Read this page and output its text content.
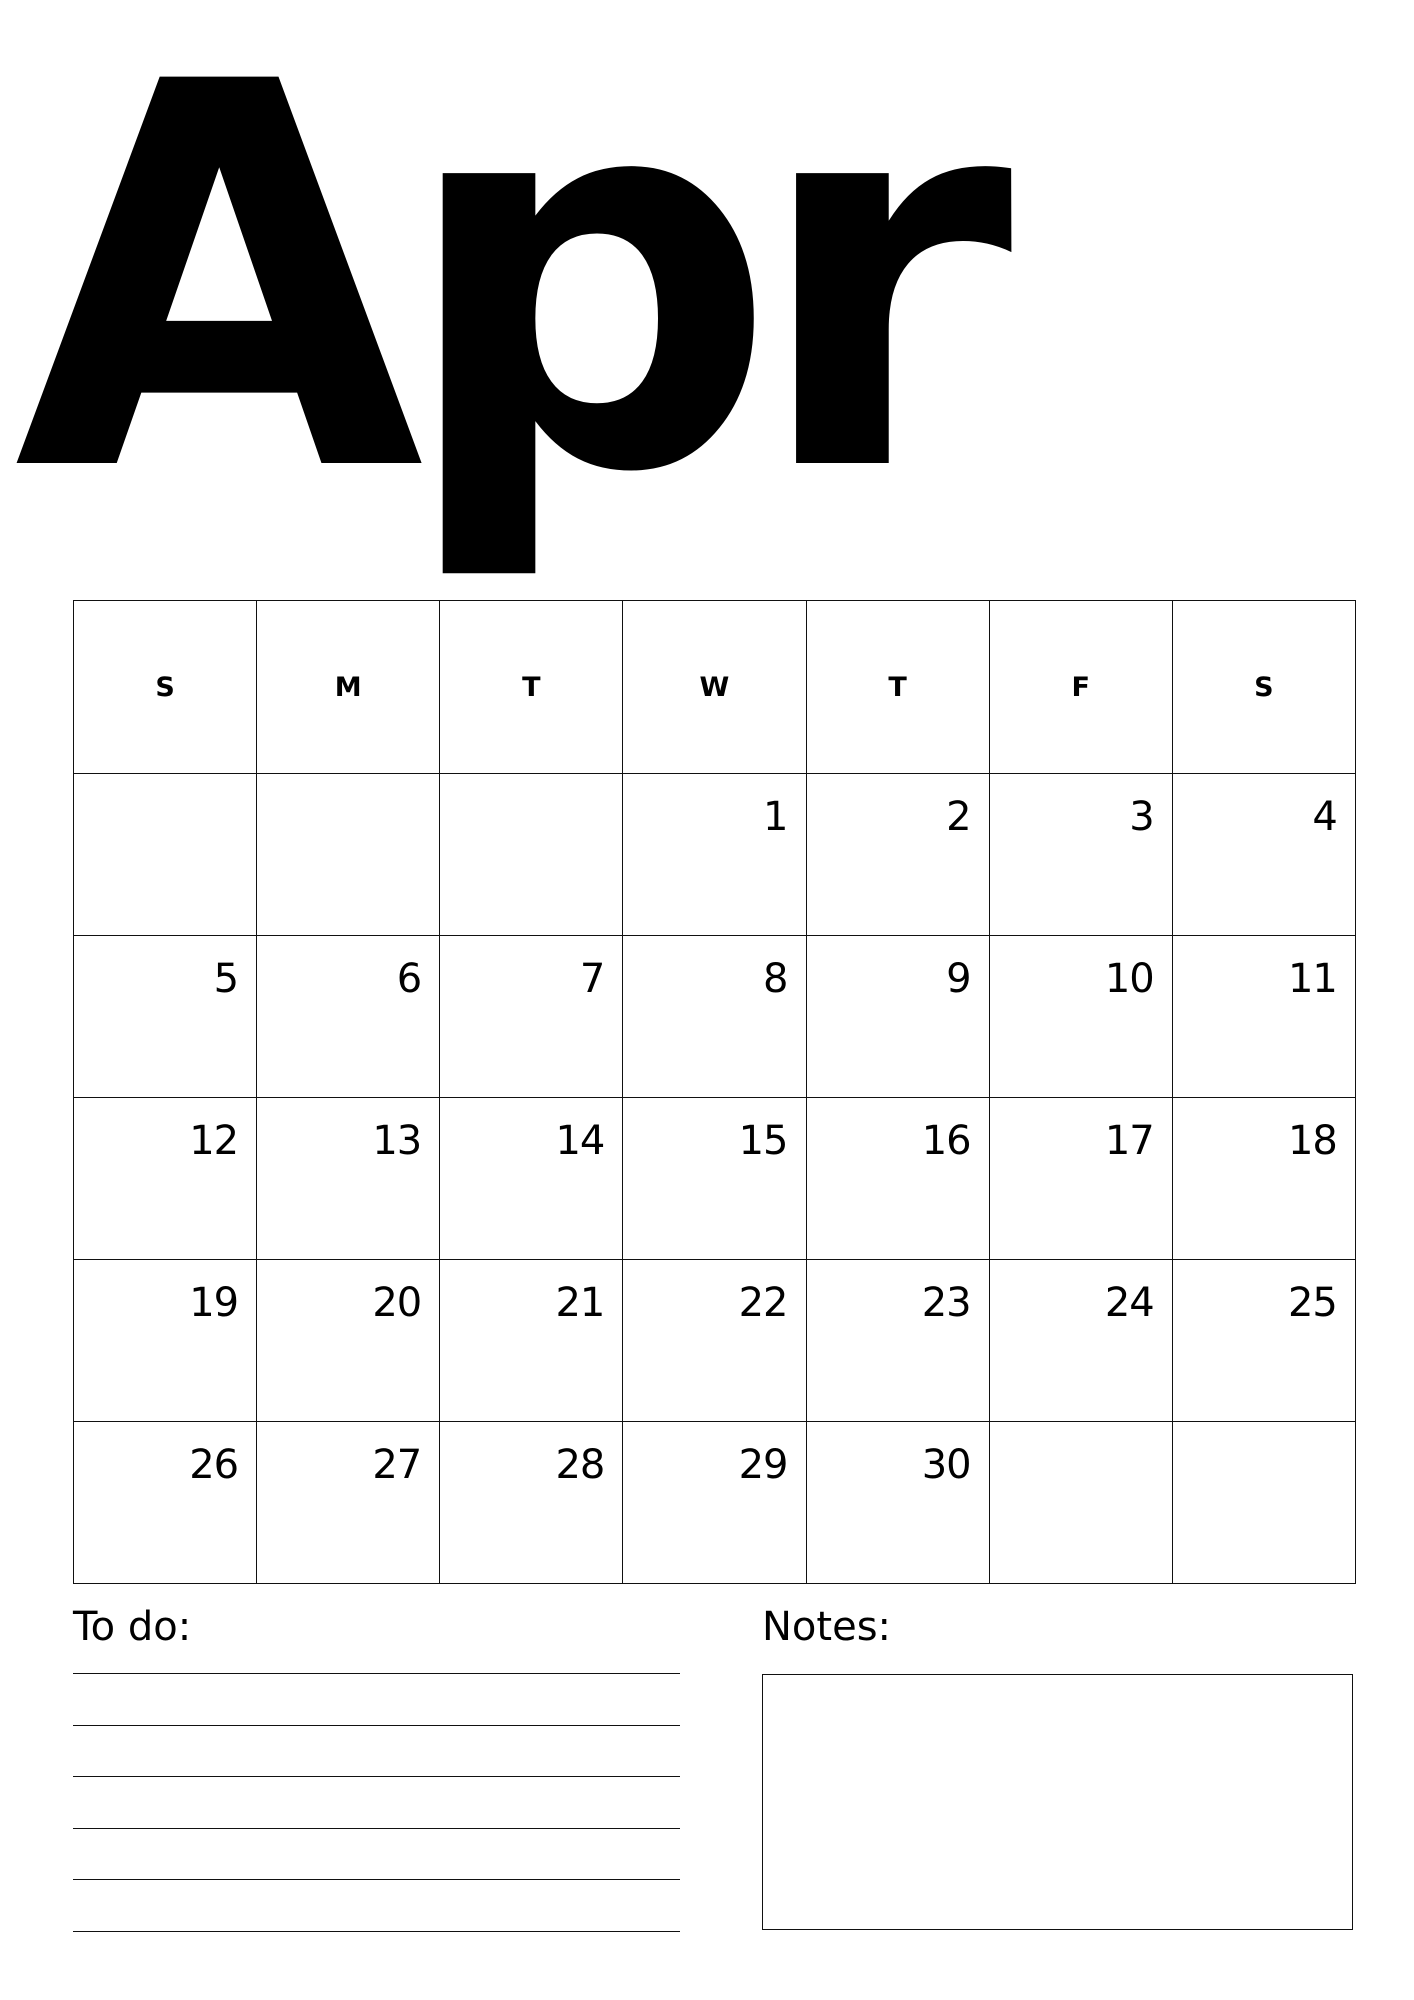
Apr
S	M	T	W	T	F	S

			1	2	3	4

5	6	7	8	9	10	11

12	13	14	15	16	17	18

19	20	21	22	23	24	25

26	27	28	29	30		

To do:	Notes:
